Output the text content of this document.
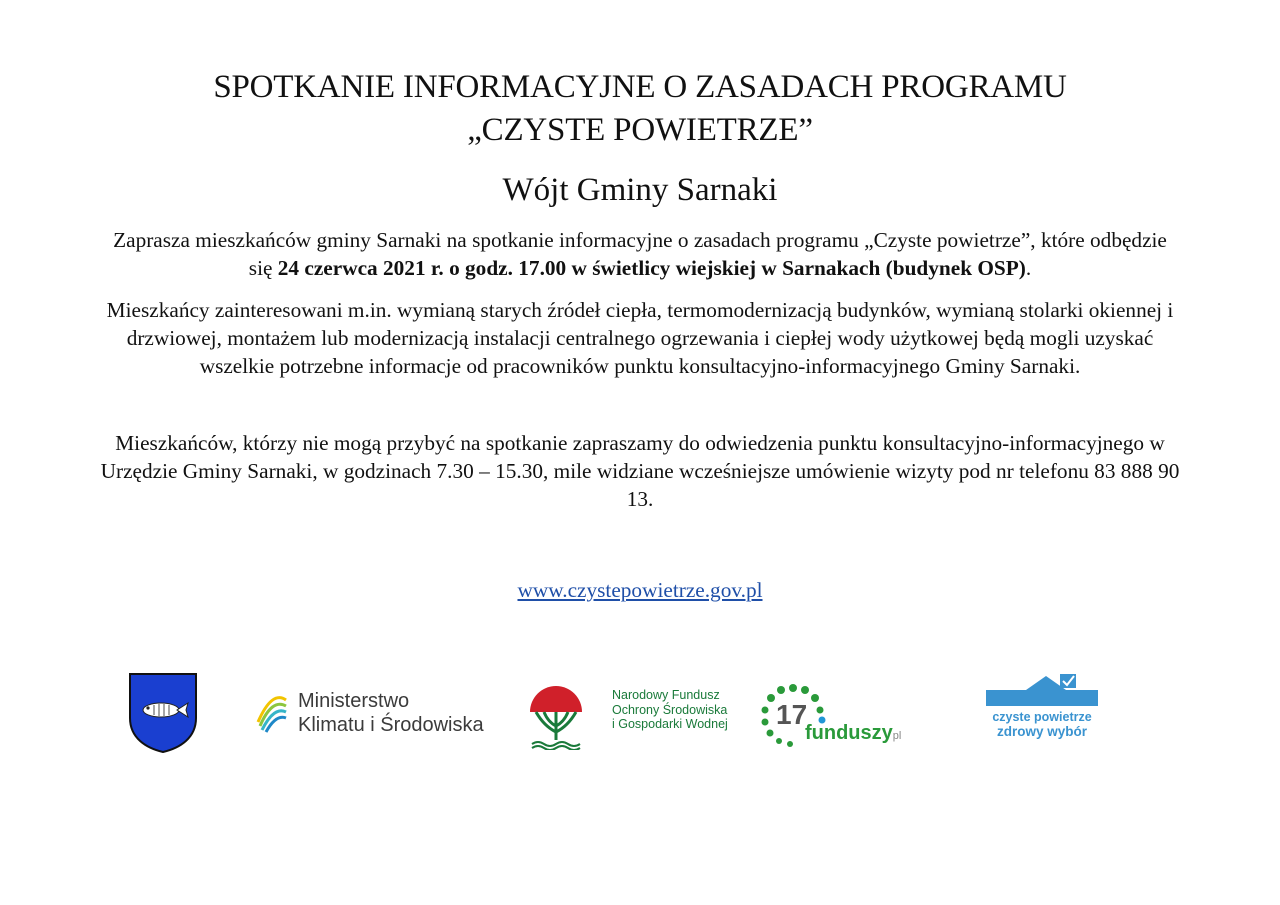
SPOTKANIE INFORMACYJNE O ZASADACH PROGRAMU
„CZYSTE POWIETRZE”
Wójt Gminy Sarnaki
Zaprasza mieszkańców gminy Sarnaki na spotkanie informacyjne o zasadach programu „Czyste powietrze”, które odbędzie się 24 czerwca 2021 r. o godz. 17.00 w świetlicy wiejskiej w Sarnakach (budynek OSP).
Mieszkańcy zainteresowani m.in. wymianą starych źródeł ciepła, termomodernizacją budynków, wymianą stolarki okiennej i drzwiowej, montażem lub modernizacją instalacji centralnego ogrzewania i ciepłej wody użytkowej będą mogli uzyskać wszelkie potrzebne informacje od pracowników punktu konsultacyjno-informacyjnego Gminy Sarnaki.
Mieszkańców, którzy nie mogą przybyć na spotkanie zapraszamy do odwiedzenia punktu konsultacyjno-informacyjnego w Urzędzie Gminy Sarnaki, w godzinach 7.30 – 15.30, mile widziane wcześniejsze umówienie wizyty pod nr telefonu 83 888 90 13.
www.czystepowietrze.gov.pl
Ministerstwo
Klimatu i Środowiska
Narodowy Fundusz
Ochrony Środowiska
i Gospodarki Wodnej 17
funduszypl
czyste powietrze
zdrowy wybór
